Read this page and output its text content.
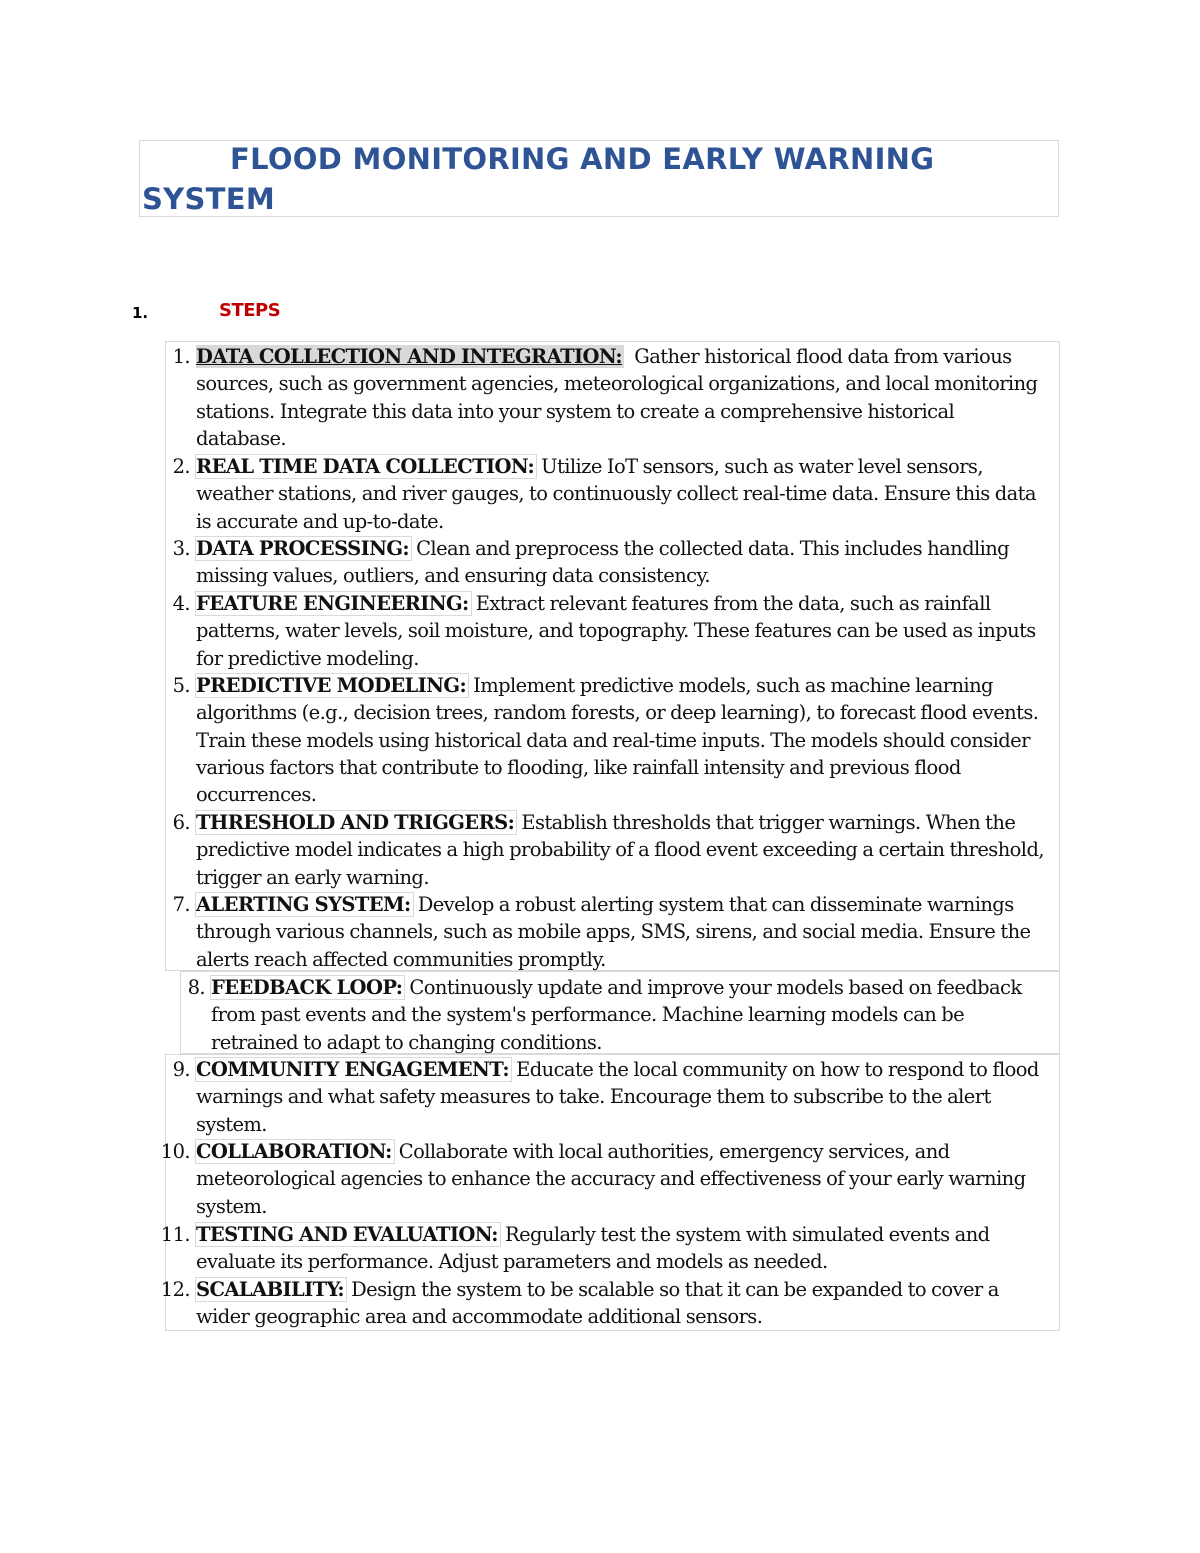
FLOOD MONITORING AND EARLY WARNING
SYSTEM
1.	STEPS
1. DATA COLLECTION AND INTEGRATION:  Gather historical flood data from various sources, such as government agencies, meteorological organizations, and local monitoring stations. Integrate this data into your system to create a comprehensive historical database.
2. REAL TIME DATA COLLECTION: Utilize IoT sensors, such as water level sensors, weather stations, and river gauges, to continuously collect real-time data. Ensure this data is accurate and up-to-date.
3. DATA PROCESSING: Clean and preprocess the collected data. This includes handling missing values, outliers, and ensuring data consistency.
4. FEATURE ENGINEERING: Extract relevant features from the data, such as rainfall patterns, water levels, soil moisture, and topography. These features can be used as inputs for predictive modeling.
5. PREDICTIVE MODELING: Implement predictive models, such as machine learning algorithms (e.g., decision trees, random forests, or deep learning), to forecast flood events. Train these models using historical data and real-time inputs. The models should consider various factors that contribute to flooding, like rainfall intensity and previous flood occurrences.
6. THRESHOLD AND TRIGGERS: Establish thresholds that trigger warnings. When the predictive model indicates a high probability of a flood event exceeding a certain threshold, trigger an early warning.
7. ALERTING SYSTEM: Develop a robust alerting system that can disseminate warnings through various channels, such as mobile apps, SMS, sirens, and social media. Ensure the alerts reach affected communities promptly.
8. FEEDBACK LOOP: Continuously update and improve your models based on feedback from past events and the system's performance. Machine learning models can be retrained to adapt to changing conditions.
9. COMMUNITY ENGAGEMENT: Educate the local community on how to respond to flood warnings and what safety measures to take. Encourage them to subscribe to the alert system.
10. COLLABORATION: Collaborate with local authorities, emergency services, and meteorological agencies to enhance the accuracy and effectiveness of your early warning system.
11. TESTING AND EVALUATION: Regularly test the system with simulated events and evaluate its performance. Adjust parameters and models as needed.
12. SCALABILITY: Design the system to be scalable so that it can be expanded to cover a wider geographic area and accommodate additional sensors.
